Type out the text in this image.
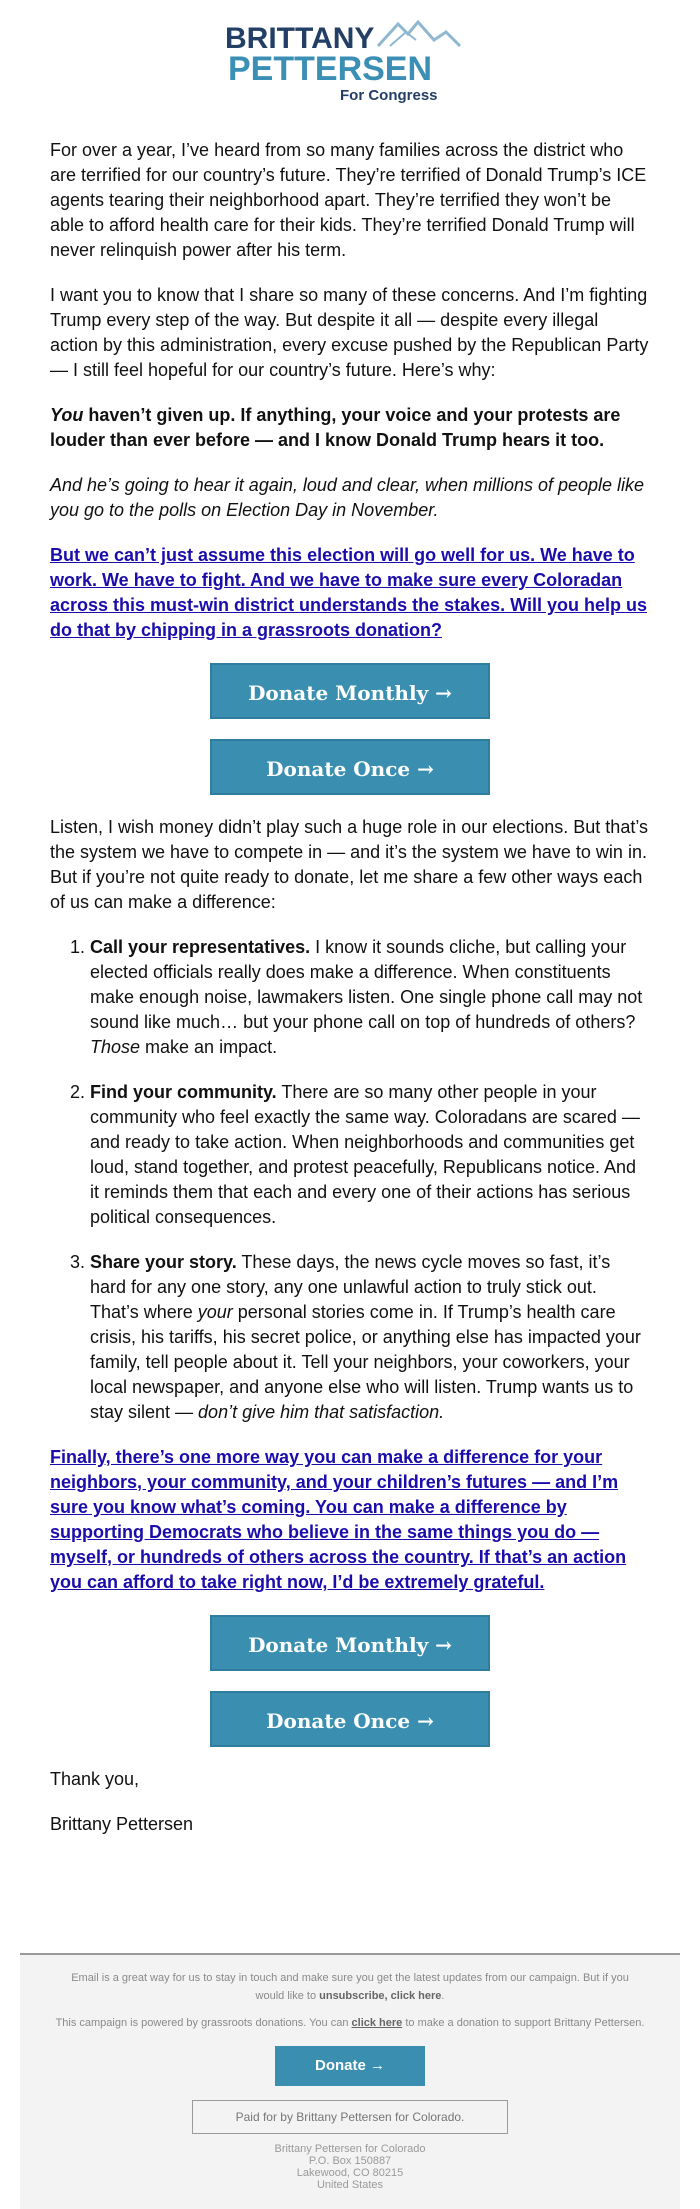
BRITTANY
PETTERSEN
For Congress

For over a year, I’ve heard from so many families across the district who are terrified for our country’s future. They’re terrified of Donald Trump’s ICE agents tearing their neighborhood apart. They’re terrified they won’t be able to afford health care for their kids. They’re terrified Donald Trump will never relinquish power after his term.

I want you to know that I share so many of these concerns. And I’m fighting Trump every step of the way. But despite it all — despite every illegal action by this administration, every excuse pushed by the Republican Party — I still feel hopeful for our country’s future. Here’s why:

You haven’t given up. If anything, your voice and your protests are louder than ever before — and I know Donald Trump hears it too.

And he’s going to hear it again, loud and clear, when millions of people like you go to the polls on Election Day in November.

But we can’t just assume this election will go well for us. We have to work. We have to fight. And we have to make sure every Coloradan across this must-win district understands the stakes. Will you help us do that by chipping in a grassroots donation?

Donate Monthly →
Donate Once →

Listen, I wish money didn’t play such a huge role in our elections. But that’s the system we have to compete in — and it’s the system we have to win in. But if you’re not quite ready to donate, let me share a few other ways each of us can make a difference:

1. Call your representatives. I know it sounds cliche, but calling your elected officials really does make a difference. When constituents make enough noise, lawmakers listen. One single phone call may not sound like much… but your phone call on top of hundreds of others? Those make an impact.
2. Find your community. There are so many other people in your community who feel exactly the same way. Coloradans are scared — and ready to take action. When neighborhoods and communities get loud, stand together, and protest peacefully, Republicans notice. And it reminds them that each and every one of their actions has serious political consequences.
3. Share your story. These days, the news cycle moves so fast, it’s hard for any one story, any one unlawful action to truly stick out. That’s where your personal stories come in. If Trump’s health care crisis, his tariffs, his secret police, or anything else has impacted your family, tell people about it. Tell your neighbors, your coworkers, your local newspaper, and anyone else who will listen. Trump wants us to stay silent — don’t give him that satisfaction.

Finally, there’s one more way you can make a difference for your neighbors, your community, and your children’s futures — and I’m sure you know what’s coming. You can make a difference by supporting Democrats who believe in the same things you do — myself, or hundreds of others across the country. If that’s an action you can afford to take right now, I’d be extremely grateful.

Donate Monthly →
Donate Once →

Thank you,

Brittany Pettersen

Email is a great way for us to stay in touch and make sure you get the latest updates from our campaign. But if you would like to unsubscribe, click here.

This campaign is powered by grassroots donations. You can click here to make a donation to support Brittany Pettersen.

Donate →
Paid for by Brittany Pettersen for Colorado.
Brittany Pettersen for Colorado
P.O. Box 150887
Lakewood, CO 80215
United States
